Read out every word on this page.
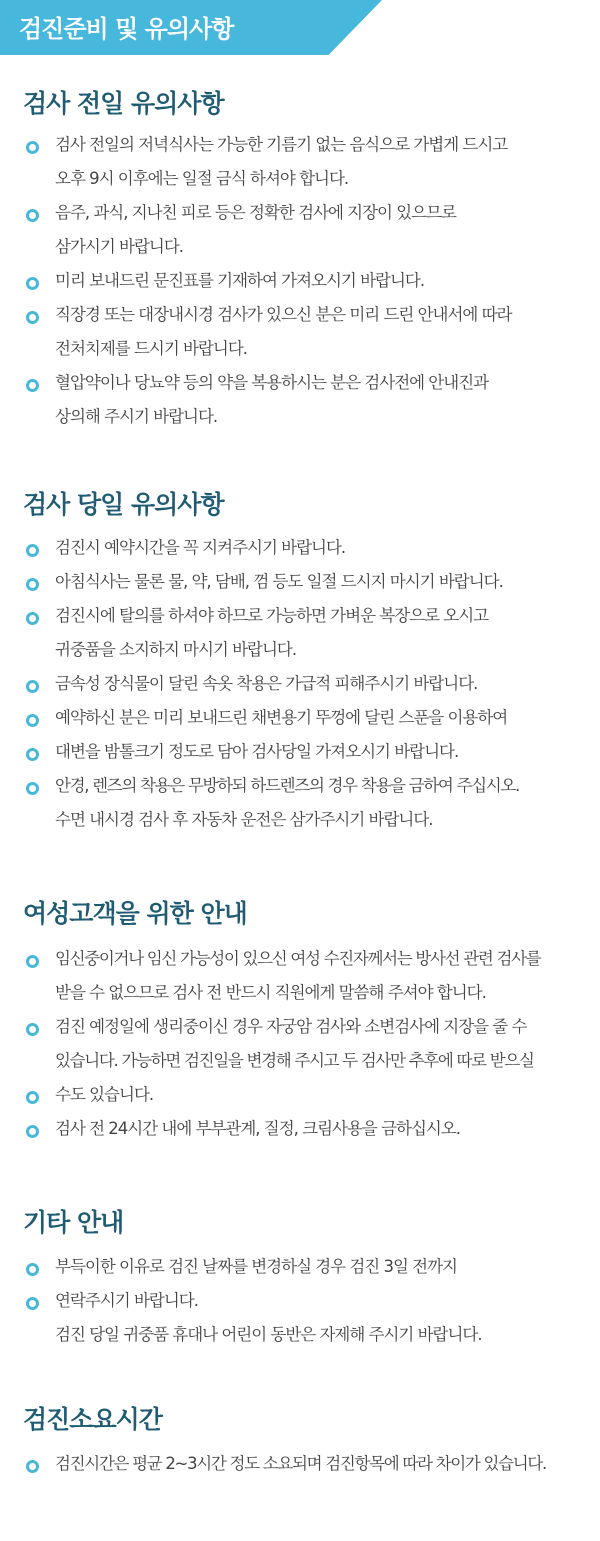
검진준비 및 유의사항
검사 전일 유의사항
검사 전일의 저녁식사는 가능한 기름기 없는 음식으로 가볍게 드시고
오후 9시 이후에는 일절 금식 하셔야 합니다.
음주, 과식, 지나친 피로 등은 정확한 검사에 지장이 있으므로
삼가시기 바랍니다.
미리 보내드린 문진표를 기재하여 가져오시기 바랍니다.
직장경 또는 대장내시경 검사가 있으신 분은 미리 드린 안내서에 따라
전처치제를 드시기 바랍니다.
혈압약이나 당뇨약 등의 약을 복용하시는 분은 검사전에 안내진과
상의해 주시기 바랍니다.
검사 당일 유의사항
검진시 예약시간을 꼭 지켜주시기 바랍니다.
아침식사는 물론 물, 약, 담배, 껌 등도 일절 드시지 마시기 바랍니다.
검진시에 탈의를 하셔야 하므로 가능하면 가벼운 복장으로 오시고
귀중품을 소지하지 마시기 바랍니다.
금속성 장식물이 달린 속옷 착용은 가급적 피해주시기 바랍니다.
예약하신 분은 미리 보내드린 채변용기 뚜껑에 달린 스푼을 이용하여
대변을 밤톨크기 정도로 담아 검사당일 가져오시기 바랍니다.
안경, 렌즈의 착용은 무방하되 하드렌즈의 경우 착용을 금하여 주십시오.
수면 내시경 검사 후 자동차 운전은 삼가주시기 바랍니다.
여성고객을 위한 안내
임신중이거나 임신 가능성이 있으신 여성 수진자께서는 방사선 관련 검사를
받을 수 없으므로 검사 전 반드시 직원에게 말씀해 주셔야 합니다.
검진 예정일에 생리중이신 경우 자궁암 검사와 소변검사에 지장을 줄 수
있습니다. 가능하면 검진일을 변경해 주시고 두 검사만 추후에 따로 받으실
수도 있습니다.
검사 전 24시간 내에 부부관계, 질정, 크림사용을 금하십시오.
기타 안내
부득이한 이유로 검진 날짜를 변경하실 경우 검진 3일 전까지
연락주시기 바랍니다.
검진 당일 귀중품 휴대나 어린이 동반은 자제해 주시기 바랍니다.
검진소요시간
검진시간은 평균 2~3시간 정도 소요되며 검진항목에 따라 차이가 있습니다.
